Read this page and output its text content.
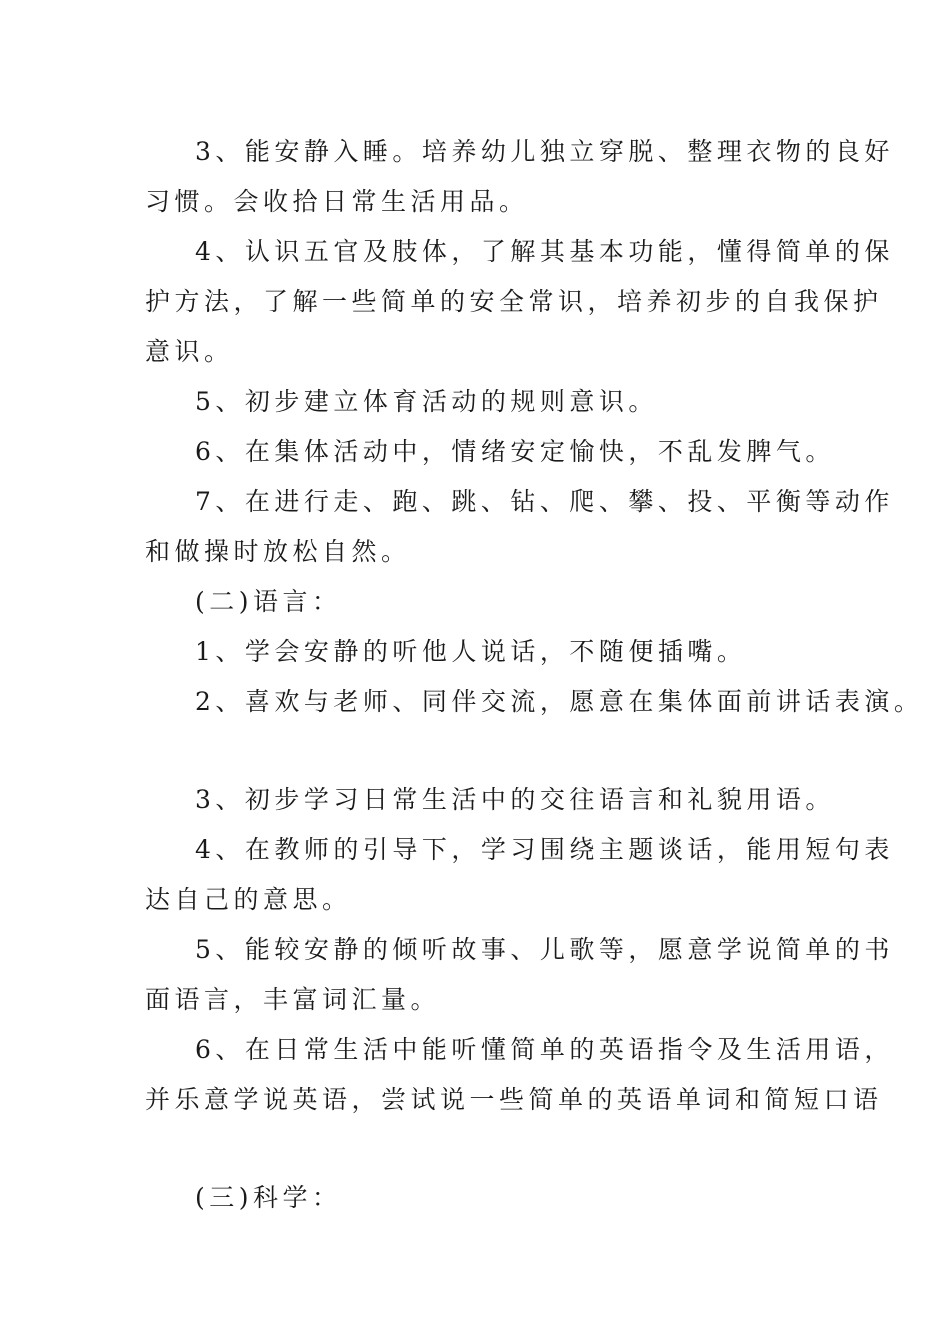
3、能安静入睡。培养幼儿独立穿脱、整理衣物的良好
习惯。会收拾日常生活用品。
4、认识五官及肢体，了解其基本功能，懂得简单的保
护方法，了解一些简单的安全常识，培养初步的自我保护
意识。
5、初步建立体育活动的规则意识。
6、在集体活动中，情绪安定愉快，不乱发脾气。
7、在进行走、跑、跳、钻、爬、攀、投、平衡等动作
和做操时放松自然。
(二)语言：
1、学会安静的听他人说话，不随便插嘴。
2、喜欢与老师、同伴交流，愿意在集体面前讲话表演。
3、初步学习日常生活中的交往语言和礼貌用语。
4、在教师的引导下，学习围绕主题谈话，能用短句表
达自己的意思。
5、能较安静的倾听故事、儿歌等，愿意学说简单的书
面语言，丰富词汇量。
6、在日常生活中能听懂简单的英语指令及生活用语，
并乐意学说英语，尝试说一些简单的英语单词和简短口语
(三)科学：
